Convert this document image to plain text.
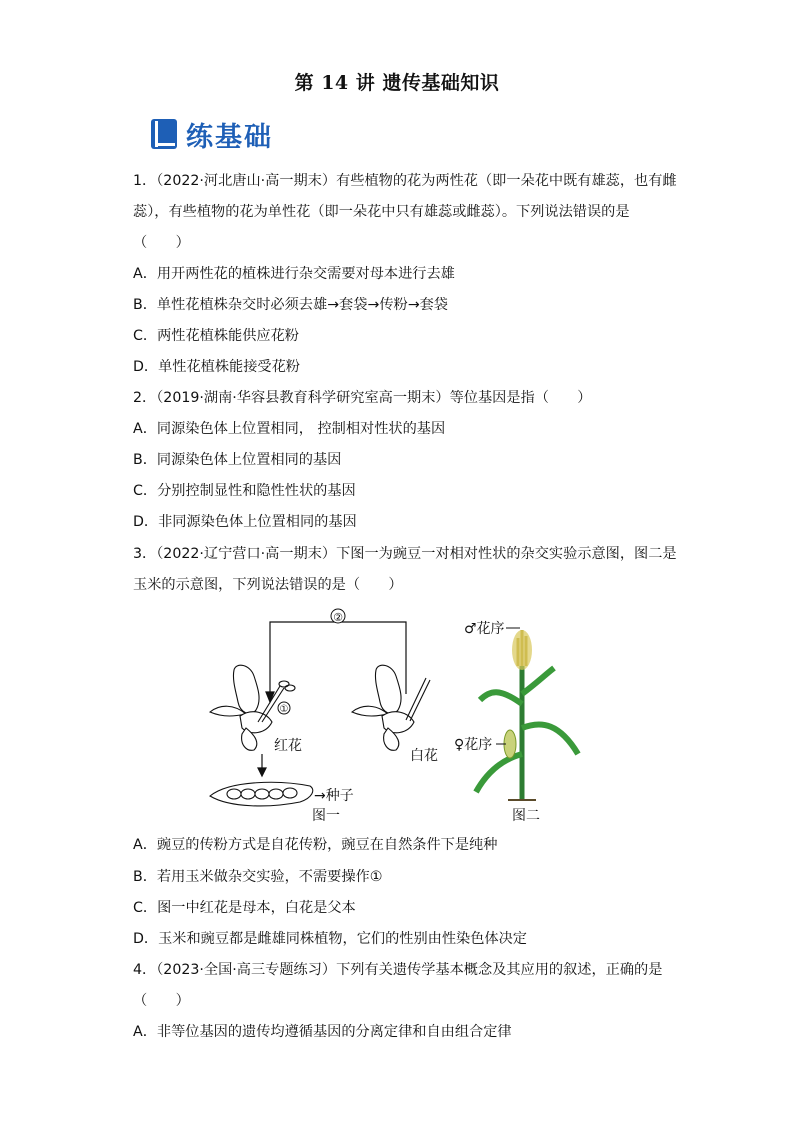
第 14 讲 遗传基础知识
练基础
1．（2022·河北唐山·高一期末）有些植物的花为两性花（即一朵花中既有雄蕊，也有雌
蕊），有些植物的花为单性花（即一朵花中只有雄蕊或雌蕊）。下列说法错误的是
（　　）
A．用开两性花的植株进行杂交需要对母本进行去雄
B．单性花植株杂交时必须去雄→套袋→传粉→套袋
C．两性花植株能供应花粉
D．单性花植株能接受花粉
2．（2019·湖南·华容县教育科学研究室高一期末）等位基因是指（　　）
A．同源染色体上位置相同， 控制相对性状的基因
B．同源染色体上位置相同的基因
C．分别控制显性和隐性性状的基因
D．非同源染色体上位置相同的基因
3．（2022·辽宁营口·高一期末）下图一为豌豆一对相对性状的杂交实验示意图，图二是
玉米的示意图，下列说法错误的是（　　）
②
①
红花
→种子
图一
白花
♂花序
♀花序
图二
A．豌豆的传粉方式是自花传粉，豌豆在自然条件下是纯种
B．若用玉米做杂交实验，不需要操作①
C．图一中红花是母本，白花是父本
D．玉米和豌豆都是雌雄同株植物，它们的性别由性染色体决定
4．（2023·全国·高三专题练习）下列有关遗传学基本概念及其应用的叙述，正确的是
（　　）
A．非等位基因的遗传均遵循基因的分离定律和自由组合定律
